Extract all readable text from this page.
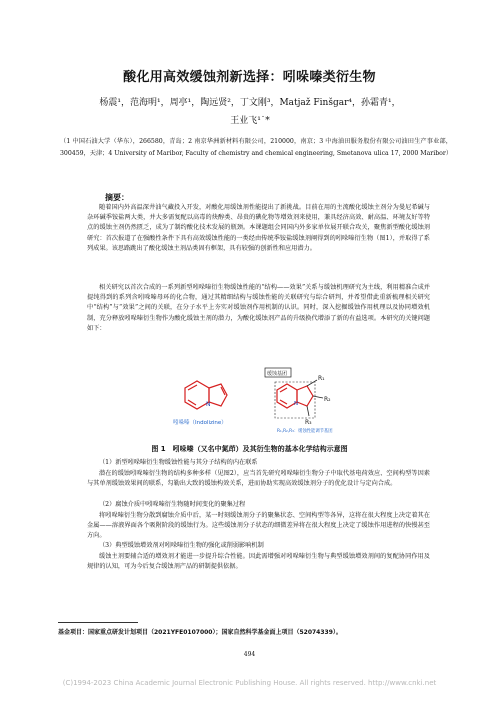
酸化用高效缓蚀剂新选择：吲哚嗪类衍生物
杨震¹，范海明¹，周亭¹，陶远贤²，丁文刚³，Matjaž Finšgar⁴，孙霜青¹，
王业飞¹˙*
（1 中国石油大学（华东），266580，青岛；2 南京华洲新材料有限公司，210000，南京；3 中海油田服务股份有限公司油田生产事业部，300459，天津；4 University of Maribor, Faculty of chemistry and chemical engineering, Smetanova ulica 17, 2000 Maribor）
摘要：
随着国内外高温深井油气藏投入开发，对酸化用缓蚀剂性能提出了新挑战。目前在用的主流酸化缓蚀主剂分为曼尼希碱与杂环碱季铵盐两大类，并大多需复配以高毒的炔醇类、昂贵的碘化物等增效剂来使用，兼具经济高效、耐高温、环境友好等特点的缓蚀主剂仍然匮乏，成为了制约酸化技术发展的瓶颈。本课题组会同国内外多家单位展开联合攻关，聚焦新型酸化缓蚀剂研究：首次报道了在强酸性条件下具有高效缓蚀性能的一类经由传统季铵盐缓蚀剂阐得到的吲哚嗪衍生物（图1），并取得了系列成果。该思路跳出了酸化缓蚀主剂品类固有框架，具有较强的创新性和应用潜力。
相关研究以首次合成的一系列新型吲哚嗪衍生物缓蚀性能的“结构——效果”关系与缓蚀机理研究为主线，利用精准合成并提纯得到的系列含吲哚嗪母环的化合物，通过其精细结构与缓蚀性能的关联研究与综合研判，并希望借此重新梳理相关研究中“结构”与“效果”之间的关联，在分子水平上夯实对缓蚀剂作用机制的认识。同时，深入挖掘缓蚀作用机理以及协同增效机制，充分释放吲哚嗪衍生物作为酸化缓蚀主剂的潜力，为酸化缓蚀剂产品的升级换代增添了新的有益选项。本研究的关键问题如下：
N
吲哚嗪（Indolizine）
缓蚀基团
N
R₁
R₂
R₃
R₁,R₂,R₃：缓蚀性能调节基团
图 1　吲哚嗪（又名中氮茚）及其衍生物的基本化学结构示意图
（1）新型吲哚嗪衍生物缓蚀性能与其分子结构的内在联系
潜在的缓蚀吲哚嗪衍生物的结构多种多样（见图2），应当首先研究吲哚嗪衍生物分子中取代基电荷效应、空间构型等因素与其单剂缓蚀效果间的联系，勾勒出大致的缓蚀构效关系，进而协助实现高效缓蚀剂分子的优化设计与定向合成。
（2）腐蚀介质中吲哚嗪衍生物随时间变化的聚集过程
将吲哚嗪衍生物分散到腐蚀介质中后，某一时刻缓蚀剂分子的聚集状态、空间构型等各异，这将在很大程度上决定着其在金属——溶液界面各个吸附阶段的缓蚀行为。这些缓蚀剂分子状态的细微差异将在很大程度上决定了缓蚀作用进程的快慢甚至方向。
（3）典型缓蚀增效剂对吲哚嗪衍生物的强化或削弱影响机制
缓蚀主剂要辅合适的增效剂才能进一步提升综合性能。因此需增强对吲哚嗪衍生物与典型缓蚀增效剂间的复配协同作用及规律的认知，可为今后复合缓蚀剂产品的研制提供依据。
基金项目：国家重点研发计划项目（2021YFE0107000）；国家自然科学基金面上项目（52074339）。
494
(C)1994-2023 China Academic Journal Electronic Publishing House. All rights reserved. http://www.cnki.net
